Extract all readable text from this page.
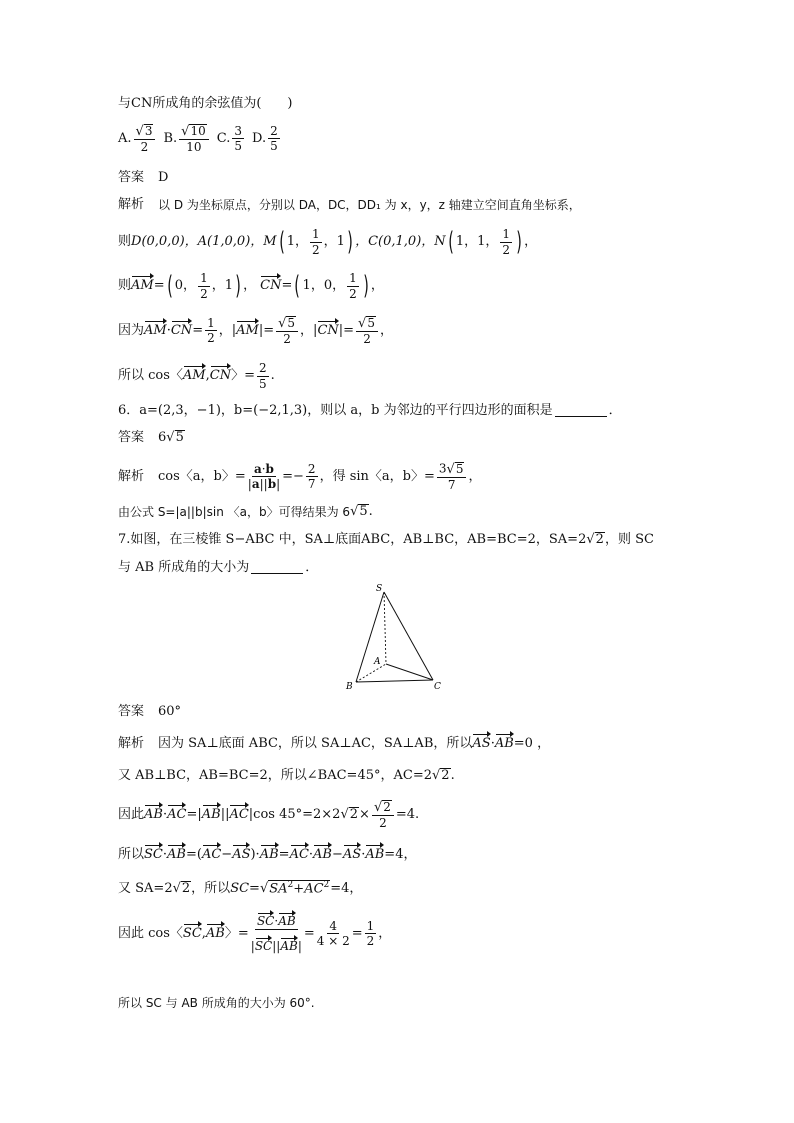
与CN所成角的余弦值为(　　)
A. $\frac{√ 3}{2} B$. $\frac{√ 10}{10} C$. $\frac{3}{5} D$. $\frac{2}{5}$
答案 D
解析 以 D 为坐标原点，分别以 DA，DC，DD₁ 为 x，y，z 轴建立空间直角坐标系，
则 D(0,0,0)，A(1,0,0)， M ( 1， $\frac{1}{2}$ ，1 ) ，C(0,1,0)， N ( 1，1， $\frac{1}{2}$ ) ，
则 AM = ( 0， $\frac{1}{2}$ ，1 ) ， CN = ( 1，0， $\frac{1}{2}$ ) ，
因为 AM · CN = $\frac{1}{2}$ ，| AM |= $\frac{√ 5}{2}$ ，| CN |= $\frac{√ 5}{2}$ ，
所以 cos〈 AM , CN 〉= $\frac{2}{5}$ .
6． a=(2,3，−1)， b=(−2,1,3)，则以 a，b 为邻边的平行四边形的面积是	．
答案 6 √ 5
解析 cos〈a，b〉= $\frac{a\cdot b}{|a||b|} =- \frac{2}{7}$ ，得 sin〈a，b〉= $\frac{3 √ 5}{7}$ ，
由公式 S=|a||b|sin 〈a，b〉可得结果为 6 √ 5 .
7.如图，在三棱锥 S−ABC 中，SA⊥底面ABC，AB⊥BC，AB=BC=2，SA=2 √ 2 ，则 SC
与 AB 所成角的大小为	．
S
A
B	C
答案 60°
解析 因为 SA⊥底面 ABC，所以 SA⊥AC，SA⊥AB，所以 AS · AB =0 ，
又 AB⊥BC，AB=BC=2，所以∠BAC=45°，AC=2 √ 2 .
因此 AB · AC =| AB || AC |cos 45°=2×2 √ $2 \times \frac{√ 2}{2} =4$.
所以 SC · AB =( AC − AS )· AB = AC · AB − AS · AB =4，
又 SA=2 √ 2 ，所以 SC = √ $SA^2+AC^2 =4$，
因此 cos〈 SC , AB 〉= $\frac{SC\cdot AB}{|SC||AB|} = \frac{4}{4 \times 2} = \frac{1}{2}$ ，
所以 SC 与 AB 所成角的大小为 60°.
